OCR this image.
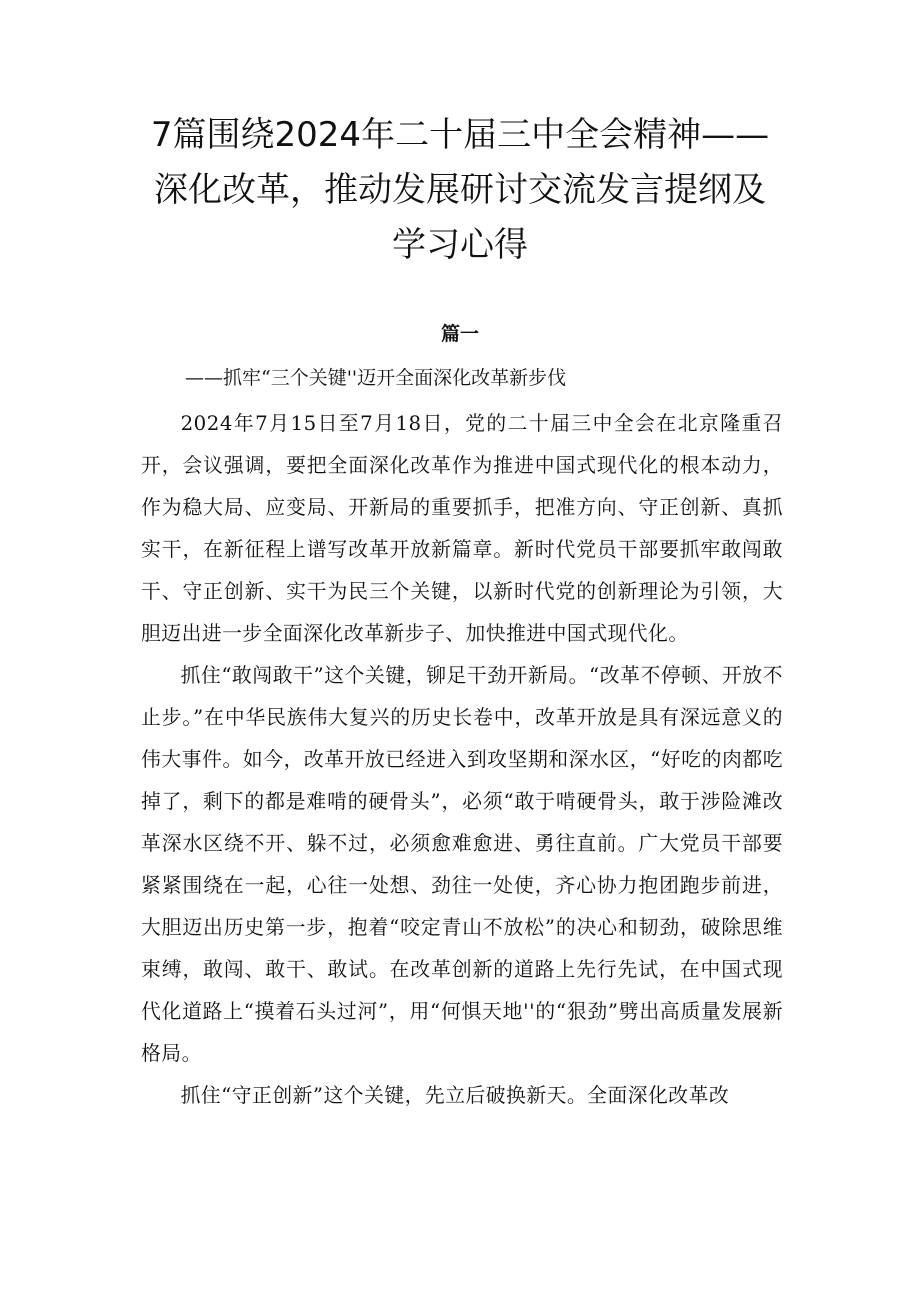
7篇围绕2024年二十届三中全会精神——
深化改革，推动发展研讨交流发言提纲及
学习心得
篇一
——抓牢“三个关键''迈开全面深化改革新步伐

2024年7月15日至7月18日，党的二十届三中全会在北京隆重召开，会议强调，要把全面深化改革作为推进中国式现代化的根本动力，作为稳大局、应变局、开新局的重要抓手，把准方向、守正创新、真抓实干，在新征程上谱写改革开放新篇章。新时代党员干部要抓牢敢闯敢干、守正创新、实干为民三个关键，以新时代党的创新理论为引领，大胆迈出进一步全面深化改革新步子、加快推进中国式现代化。

抓住“敢闯敢干”这个关键，铆足干劲开新局。“改革不停顿、开放不止步。”在中华民族伟大复兴的历史长卷中，改革开放是具有深远意义的伟大事件。如今，改革开放已经进入到攻坚期和深水区，“好吃的肉都吃掉了，剩下的都是难啃的硬骨头”，必须“敢于啃硬骨头，敢于涉险滩改革深水区绕不开、躲不过，必须愈难愈进、勇往直前。广大党员干部要紧紧围绕在一起，心往一处想、劲往一处使，齐心协力抱团跑步前进，大胆迈出历史第一步，抱着“咬定青山不放松”的决心和韧劲，破除思维束缚，敢闯、敢干、敢试。在改革创新的道路上先行先试，在中国式现代化道路上“摸着石头过河”，用“何惧天地''的“狠劲”劈出高质量发展新格局。

抓住“守正创新”这个关键，先立后破换新天。全面深化改革改
